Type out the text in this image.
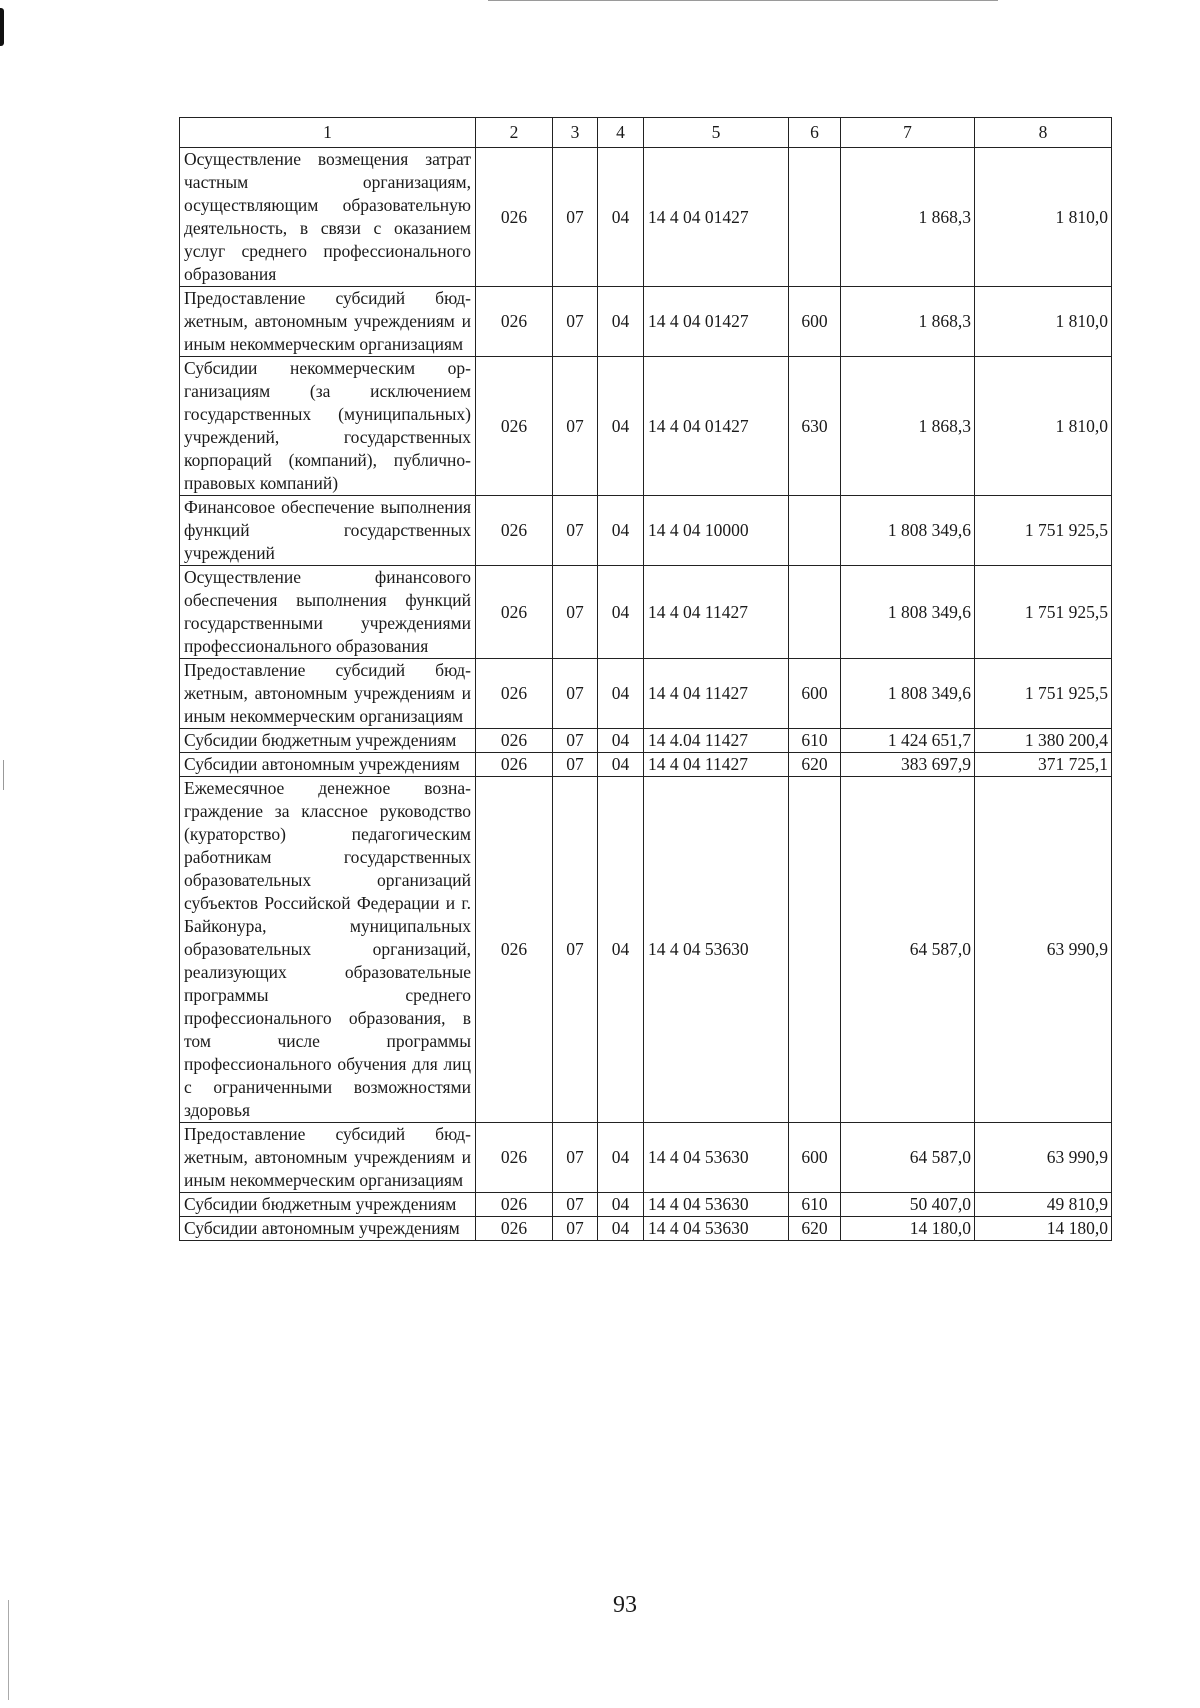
1	2	3	4	5	6	7	8
Осуществление возмещения затрат частным организациям, осуществляющим образовательную деятельность, в связи с оказанием услуг среднего профессионального образования	026	07	04	14 4 04 01427		1 868,3	1 810,0
Предоставление субсидий бюджетным, автономным учреждениям и иным некоммерческим организациям	026	07	04	14 4 04 01427	600	1 868,3	1 810,0
Субсидии некоммерческим организациям (за исключением государственных (муниципальных) учреждений, государственных корпораций (компаний), публично-правовых компаний)	026	07	04	14 4 04 01427	630	1 868,3	1 810,0
Финансовое обеспечение выполнения функций государственных учреждений	026	07	04	14 4 04 10000		1 808 349,6	1 751 925,5
Осуществление финансового обеспечения выполнения функций государственными учреждениями профессионального образования	026	07	04	14 4 04 11427		1 808 349,6	1 751 925,5
Предоставление субсидий бюджетным, автономным учреждениям и иным некоммерческим организациям	026	07	04	14 4 04 11427	600	1 808 349,6	1 751 925,5
Субсидии бюджетным учреждениям	026	07	04	14 4.04 11427	610	1 424 651,7	1 380 200,4
Субсидии автономным учреждениям	026	07	04	14 4 04 11427	620	383 697,9	371 725,1
Ежемесячное денежное вознаграждение за классное руководство (кураторство) педагогическим работникам государственных образовательных организаций субъектов Российской Федерации и г. Байконура, муниципальных образовательных организаций, реализующих образовательные программы среднего профессионального образования, в том числе программы профессионального обучения для лиц с ограниченными возможностями здоровья	026	07	04	14 4 04 53630		64 587,0	63 990,9
Предоставление субсидий бюджетным, автономным учреждениям и иным некоммерческим организациям	026	07	04	14 4 04 53630	600	64 587,0	63 990,9
Субсидии бюджетным учреждениям	026	07	04	14 4 04 53630	610	50 407,0	49 810,9
Субсидии автономным учреждениям	026	07	04	14 4 04 53630	620	14 180,0	14 180,0
93
